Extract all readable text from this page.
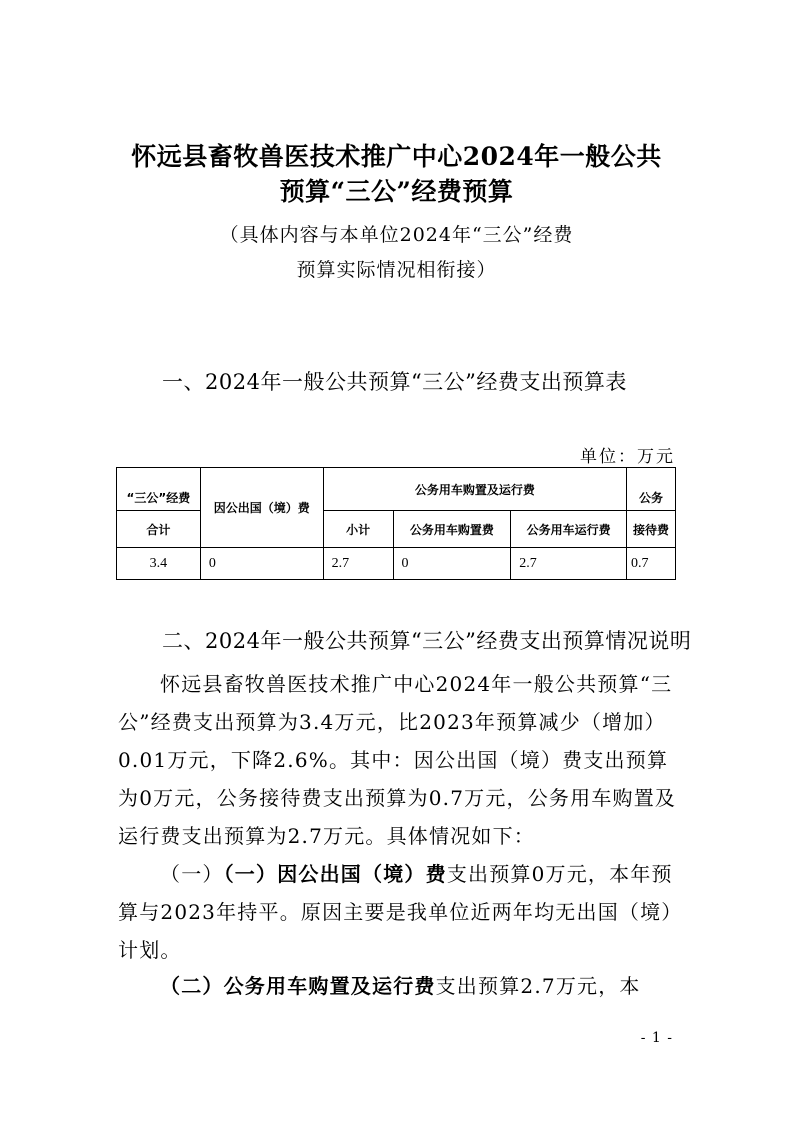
怀远县畜牧兽医技术推广中心2024年一般公共
预算“三公”经费预算
（具体内容与本单位2024年“三公”经费
预算实际情况相衔接）
一、2024年一般公共预算“三公”经费支出预算表
单位：万元
“三公”经费	因公出国（境）费	公务用车购置及运行费			公务
合计		小计	公务用车购置费	公务用车运行费	接待费
3.4	0	2.7	0	2.7	0.7
二、2024年一般公共预算“三公”经费支出预算情况说明

怀远县畜牧兽医技术推广中心2024年一般公共预算“三公”经费支出预算为3.4万元，比2023年预算减少（增加）0.01万元，下降2.6%。其中：因公出国（境）费支出预算为0万元，公务接待费支出预算为0.7万元，公务用车购置及运行费支出预算为2.7万元。具体情况如下：

（一）（一）因公出国（境）费支出预算0万元，本年预算与2023年持平。原因主要是我单位近两年均无出国（境）计划。

（二）公务用车购置及运行费支出预算2.7万元，本

- 1 -
